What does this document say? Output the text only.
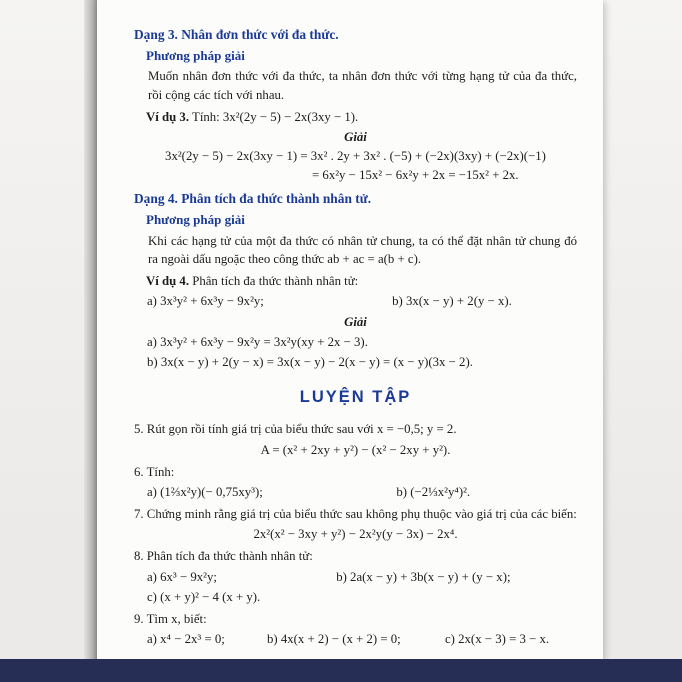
Dạng 3. Nhân đơn thức với đa thức.

Phương pháp giải

Muốn nhân đơn thức với đa thức, ta nhân đơn thức với từng hạng tử của đa thức, rồi cộng các tích với nhau.

Ví dụ 3. Tính: 3x²(2y − 5) − 2x(3xy − 1).

Giải

3x²(2y − 5) − 2x(3xy − 1) = 3x² . 2y + 3x² . (−5) + (−2x)(3xy) + (−2x)(−1)

= 6x²y − 15x² − 6x²y + 2x = −15x² + 2x.

Dạng 4. Phân tích đa thức thành nhân tử.

Phương pháp giải

Khi các hạng tử của một đa thức có nhân tử chung, ta có thể đặt nhân tử chung đó ra ngoài dấu ngoặc theo công thức ab + ac = a(b + c).

Ví dụ 4. Phân tích đa thức thành nhân tử:

a) 3x³y² + 6x³y − 9x²y;	b) 3x(x − y) + 2(y − x).

Giải

a) 3x³y² + 6x³y − 9x²y = 3x²y(xy + 2x − 3).

b) 3x(x − y) + 2(y − x) = 3x(x − y) − 2(x − y) = (x − y)(3x − 2).

LUYỆN TẬP

5. Rút gọn rồi tính giá trị của biểu thức sau với x = −0,5; y = 2.

A = (x² + 2xy + y²) − (x² − 2xy + y²).

6. Tính:

a) (1⅔x²y)(− 0,75xy³);	b) (−2⅓x²y⁴)².

7. Chứng minh rằng giá trị của biểu thức sau không phụ thuộc vào giá trị của các biến:

2x²(x² − 3xy + y²) − 2x²y(y − 3x) − 2x⁴.

8. Phân tích đa thức thành nhân tử:

a) 6x³ − 9x²y;	b) 2a(x − y) + 3b(x − y) + (y − x);

c) (x + y)² − 4 (x + y).

9. Tìm x, biết:

a) x⁴ − 2x³ = 0;	b) 4x(x + 2) − (x + 2) = 0;	c) 2x(x − 3) = 3 − x.
